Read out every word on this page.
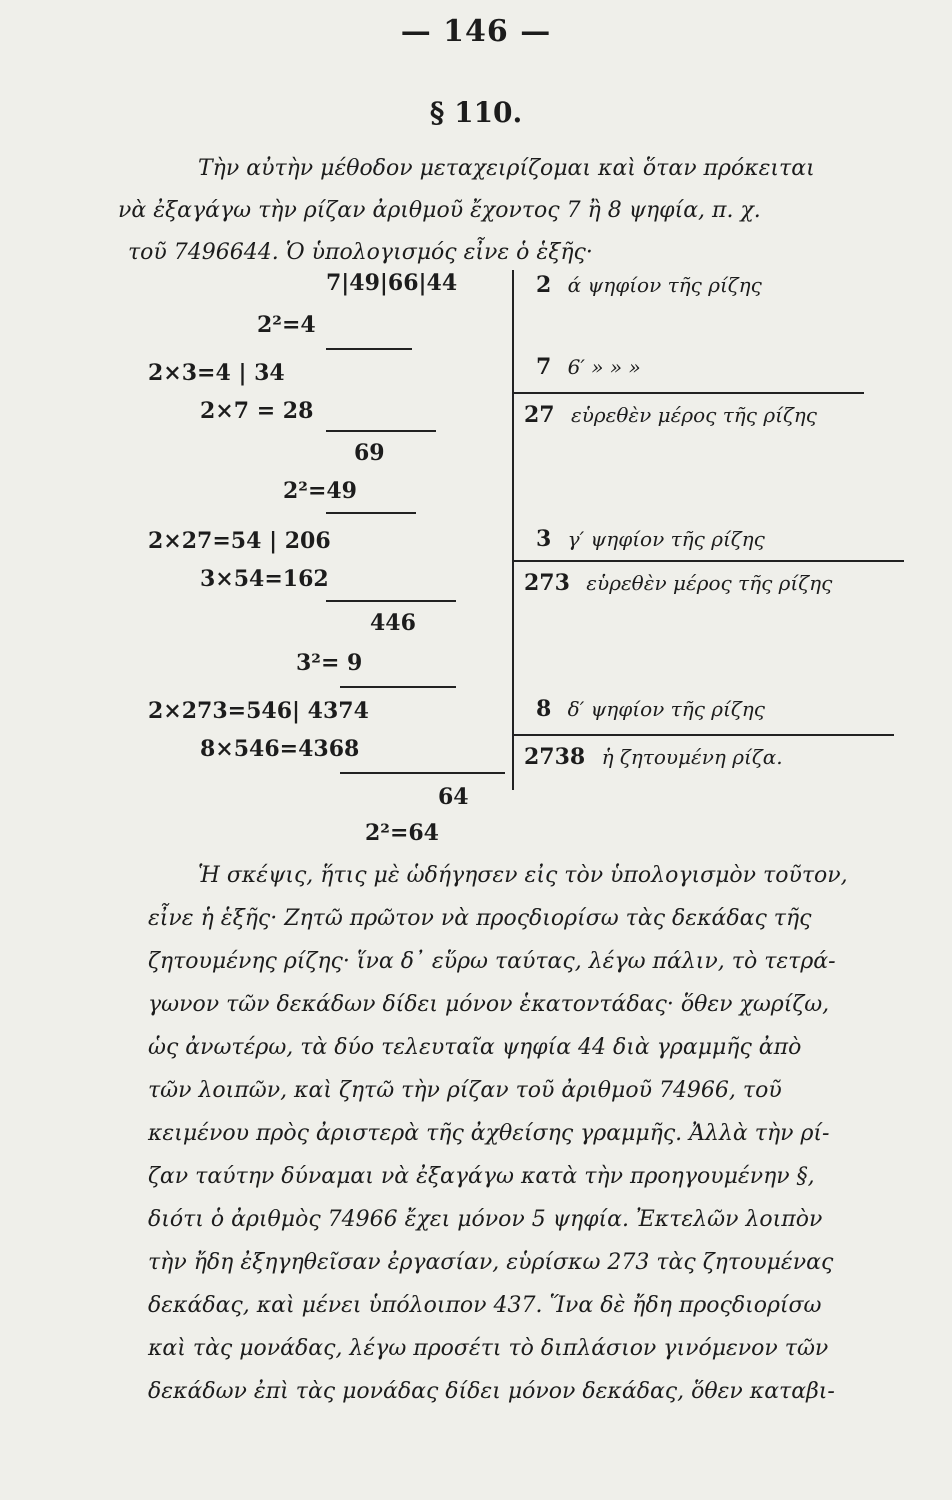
— 146 —
§ 110.
Τὴν αὐτὴν μέθοδον μεταχειρίζομαι καὶ ὅταν πρόκειται
νὰ ἐξαγάγω τὴν ρίζαν ἀριθμοῦ ἔχοντος 7 ἢ 8 ψηφία, π. χ.
τοῦ 7496644. Ὁ ὑπολογισμός εἶνε ὁ ἑξῆς·
7|49|66|44
2²=4
2×3=4 | 34
2×7 = 28
69
2²=49
2×27=54 | 206
3×54=162
446
3²= 9
2×273=546| 4374
8×546=4368
64
2²=64
2 ά ψηφίον τῆς ρίζης
7 6′ » » »
27 εὑρεθὲν μέρος τῆς ρίζης
3 γ′ ψηφίον τῆς ρίζης
273 εὑρεθὲν μέρος τῆς ρίζης
8 δ′ ψηφίον τῆς ρίζης
2738 ἡ ζητουμένη ρίζα.
Ἡ σκέψις, ἥτις μὲ ὡδήγησεν εἰς τὸν ὑπολογισμὸν τοῦτον,
εἶνε ἡ ἑξῆς· Ζητῶ πρῶτον νὰ προςδιορίσω τὰς δεκάδας τῆς
ζητουμένης ρίζης· ἵνα δ᾽ εὕρω ταύτας, λέγω πάλιν, τὸ τετρά-
γωνον τῶν δεκάδων δίδει μόνον ἑκατοντάδας· ὅθεν χωρίζω,
ὡς ἀνωτέρω, τὰ δύο τελευταῖα ψηφία 44 διὰ γραμμῆς ἀπὸ
τῶν λοιπῶν, καὶ ζητῶ τὴν ρίζαν τοῦ ἀριθμοῦ 74966, τοῦ
κειμένου πρὸς ἀριστερὰ τῆς ἀχθείσης γραμμῆς. Ἀλλὰ τὴν ρί-
ζαν ταύτην δύναμαι νὰ ἐξαγάγω κατὰ τὴν προηγουμένην §,
διότι ὁ ἀριθμὸς 74966 ἔχει μόνον 5 ψηφία. Ἐκτελῶν λοιπὸν
τὴν ἤδη ἐξηγηθεῖσαν ἐργασίαν, εὑρίσκω 273 τὰς ζητουμένας
δεκάδας, καὶ μένει ὑπόλοιπον 437. Ἵνα δὲ ἤδη προςδιορίσω
καὶ τὰς μονάδας, λέγω προσέτι τὸ διπλάσιον γινόμενον τῶν
δεκάδων ἐπὶ τὰς μονάδας δίδει μόνον δεκάδας, ὅθεν καταβι-
